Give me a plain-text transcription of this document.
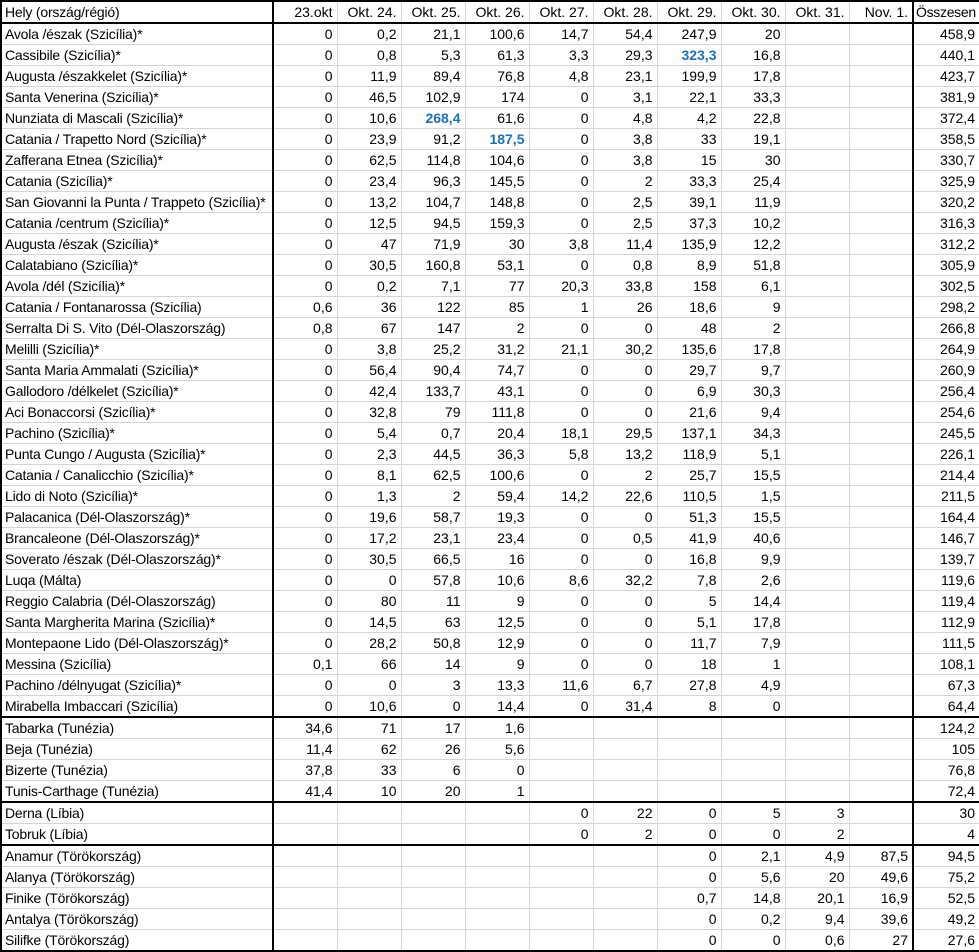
Hely (ország/régió)	23.okt	Okt. 24.	Okt. 25.	Okt. 26.	Okt. 27.	Okt. 28.	Okt. 29.	Okt. 30.	Okt. 31.	Nov. 1.	Összesen
Avola /észak (Szicília)*	0	0,2	21,1	100,6	14,7	54,4	247,9	20			458,9
Cassibile (Szicília)*	0	0,8	5,3	61,3	3,3	29,3	323,3	16,8			440,1
Augusta /északkelet (Szicília)*	0	11,9	89,4	76,8	4,8	23,1	199,9	17,8			423,7
Santa Venerina (Szicília)*	0	46,5	102,9	174	0	3,1	22,1	33,3			381,9
Nunziata di Mascali (Szicília)*	0	10,6	268,4	61,6	0	4,8	4,2	22,8			372,4
Catania / Trapetto Nord (Szicília)*	0	23,9	91,2	187,5	0	3,8	33	19,1			358,5
Zafferana Etnea (Szicília)*	0	62,5	114,8	104,6	0	3,8	15	30			330,7
Catania (Szicília)*	0	23,4	96,3	145,5	0	2	33,3	25,4			325,9
San Giovanni la Punta / Trappeto (Szicília)*	0	13,2	104,7	148,8	0	2,5	39,1	11,9			320,2
Catania /centrum (Szicília)*	0	12,5	94,5	159,3	0	2,5	37,3	10,2			316,3
Augusta /észak (Szicília)*	0	47	71,9	30	3,8	11,4	135,9	12,2			312,2
Calatabiano (Szicília)*	0	30,5	160,8	53,1	0	0,8	8,9	51,8			305,9
Avola /dél (Szicília)*	0	0,2	7,1	77	20,3	33,8	158	6,1			302,5
Catania / Fontanarossa (Szicília)	0,6	36	122	85	1	26	18,6	9			298,2
Serralta Di S. Vito (Dél-Olaszország)	0,8	67	147	2	0	0	48	2			266,8
Melilli (Szicília)*	0	3,8	25,2	31,2	21,1	30,2	135,6	17,8			264,9
Santa Maria Ammalati (Szicília)*	0	56,4	90,4	74,7	0	0	29,7	9,7			260,9
Gallodoro /délkelet (Szicília)*	0	42,4	133,7	43,1	0	0	6,9	30,3			256,4
Aci Bonaccorsi (Szicília)*	0	32,8	79	111,8	0	0	21,6	9,4			254,6
Pachino (Szicília)*	0	5,4	0,7	20,4	18,1	29,5	137,1	34,3			245,5
Punta Cungo / Augusta (Szicília)*	0	2,3	44,5	36,3	5,8	13,2	118,9	5,1			226,1
Catania / Canalicchio (Szicília)*	0	8,1	62,5	100,6	0	2	25,7	15,5			214,4
Lido di Noto (Szicília)*	0	1,3	2	59,4	14,2	22,6	110,5	1,5			211,5
Palacanica (Dél-Olaszország)*	0	19,6	58,7	19,3	0	0	51,3	15,5			164,4
Brancaleone (Dél-Olaszország)*	0	17,2	23,1	23,4	0	0,5	41,9	40,6			146,7
Soverato /észak (Dél-Olaszország)*	0	30,5	66,5	16	0	0	16,8	9,9			139,7
Luqa (Málta)	0	0	57,8	10,6	8,6	32,2	7,8	2,6			119,6
Reggio Calabria (Dél-Olaszország)	0	80	11	9	0	0	5	14,4			119,4
Santa Margherita Marina (Szicília)*	0	14,5	63	12,5	0	0	5,1	17,8			112,9
Montepaone Lido (Dél-Olaszország)*	0	28,2	50,8	12,9	0	0	11,7	7,9			111,5
Messina (Szicília)	0,1	66	14	9	0	0	18	1			108,1
Pachino /délnyugat (Szicília)*	0	0	3	13,3	11,6	6,7	27,8	4,9			67,3
Mirabella Imbaccari (Szicília)	0	10,6	0	14,4	0	31,4	8	0			64,4
Tabarka (Tunézia)	34,6	71	17	1,6							124,2
Beja (Tunézia)	11,4	62	26	5,6							105
Bizerte (Tunézia)	37,8	33	6	0							76,8
Tunis-Carthage (Tunézia)	41,4	10	20	1							72,4
Derna (Líbia)					0	22	0	5	3		30
Tobruk (Líbia)					0	2	0	0	2		4
Anamur (Törökország)							0	2,1	4,9	87,5	94,5
Alanya (Törökország)							0	5,6	20	49,6	75,2
Finike (Törökország)							0,7	14,8	20,1	16,9	52,5
Antalya (Törökország)							0	0,2	9,4	39,6	49,2
Silifke (Törökország)							0	0	0,6	27	27,6
